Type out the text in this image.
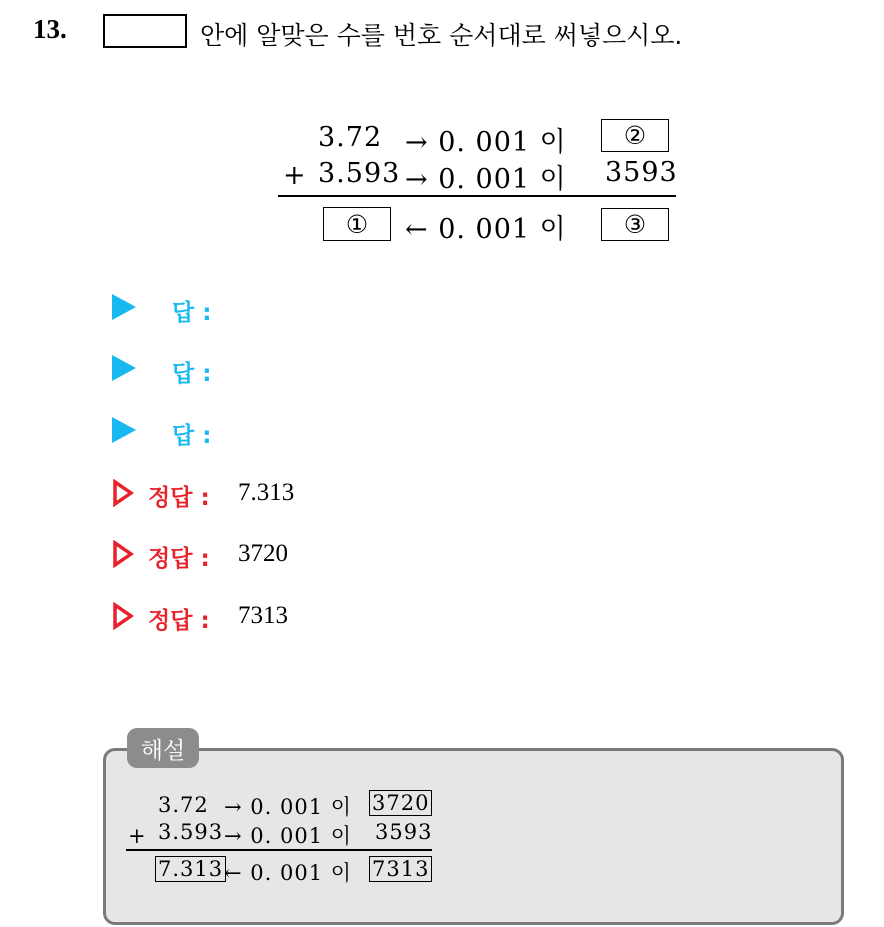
13.	안에 알맞은 수를 번호 순서대로 써넣으시오.
3.72 → 0. 001 이	②
+ 3.593 → 0. 001 이 3593
①	← 0. 001 이	③
답 :
답 :
답 :
정답 : 7.313
정답 : 3720
정답 : 7313
해설
3.72 → 0. 001 이 3720
+ 3.593 → 0. 001 이 3593
7.313 ← 0. 001 이 7313
